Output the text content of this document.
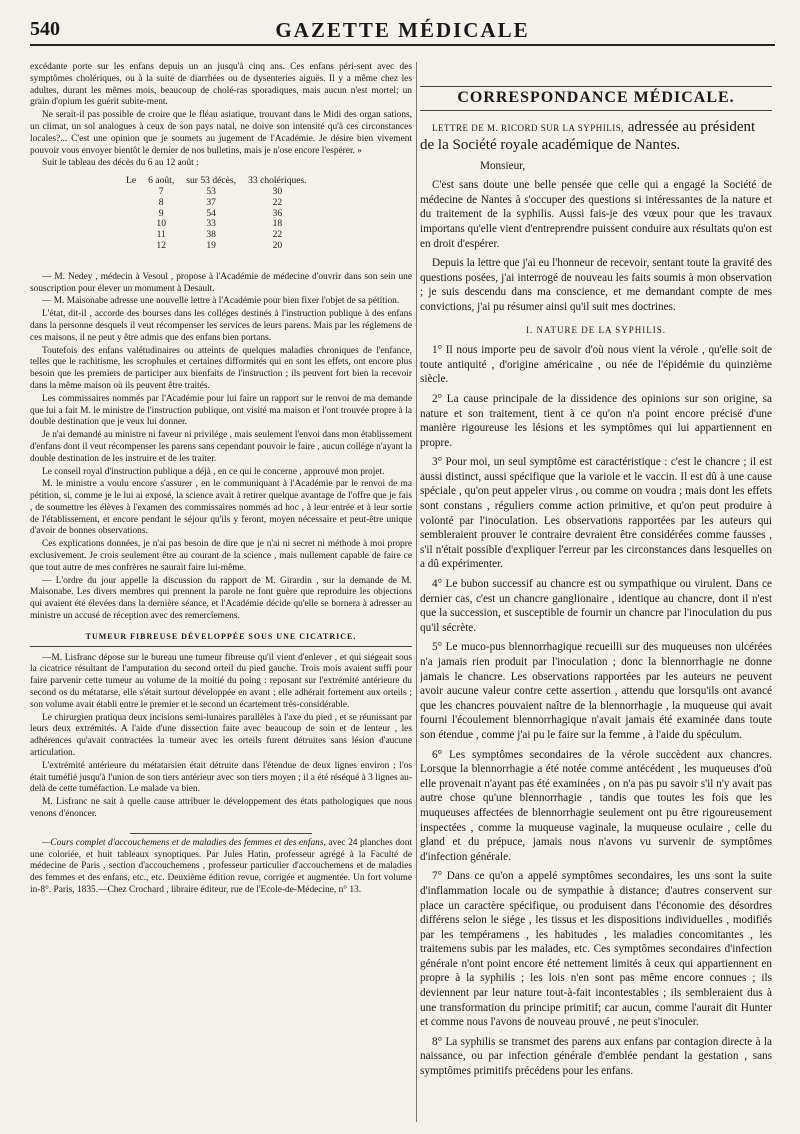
540	GAZETTE MÉDICALE

excédante porte sur les enfans depuis un an jusqu'à cinq ans. Ces enfans péri-sent avec des symptômes cholériques, ou à la suite de diarrhées ou de dysenteries aiguës. Il y a même chez les adultes, durant les mêmes mois, beaucoup de cholé-ras sporadiques, mais aucun n'est mortel; un grain d'opium les guérit subite-ment.

Ne serait-il pas possible de croire que le fléau asiatique, trouvant dans le Midi des organ sations, un climat, un sol analogues à ceux de son pays natal, ne doive son intensité qu'à ces circonstances locales?... C'est une opinion que je soumets au jugement de l'Académie. Je désire bien vivement pouvoir vous envoyer bientôt le dernier de nos bulletins, mais je n'ose encore l'espérer. »

Suit le tableau des décès du 6 au 12 août :

Le	6 août,	sur 53 décès,	33 cholériques.
	7	53	30
	8	37	22
	9	54	36
	10	33	18
	11	38	22
	12	19	20

— M. Nedey , médecin à Vesoul , propose à l'Académie de médecine d'ouvrir dans son sein une souscription pour élever un monument à Desault.

— M. Maisonabe adresse une nouvelle lettre à l'Académie pour bien fixer l'objet de sa pétition.

L'état, dit-il , accorde des bourses dans les colléges destinés à l'instruction publique à des enfans dans la personne desquels il veut récompenser les services de leurs parens. Mais par les réglemens de ces maisons, il ne peut y être admis que des enfans bien portans.

Toutefois des enfans valétudinaires ou atteints de quelques maladies chroniques de l'enfance, telles que le rachitisme, les scrophules et certaines difformités qui en sont les effets, ont encore plus besoin que les premiers de participer aux bienfaits de l'instruction ; ils peuvent fort bien la recevoir dans la même maison où ils peuvent être traités.

Les commissaires nommés par l'Académie pour lui faire un rapport sur le renvoi de ma demande que lui a fait M. le ministre de l'instruction publique, ont visité ma maison et l'ont trouvée propre à la double destination que je veux lui donner.

Je n'ai demandé au ministre ni faveur ni privilége , mais seulement l'envoi dans mon établissement d'enfans dont il veut récompenser les parens sans cependant pouvoir le faire , aucun collége n'ayant la double destination de les instruire et de les traiter.

Le conseil royal d'instruction publique a déjà , en ce qui le concerne , approuvé mon projet.

M. le ministre a voulu encore s'assurer , en le communiquant à l'Académie par le renvoi de ma pétition, si, comme je le lui ai exposé, la science avait à retirer quelque avantage de l'offre que je fais , de soumettre les élèves à l'examen des commissaires nommés ad hoc , à leur entrée et à leur sortie de l'établissement, et encore pendant le séjour qu'ils y feront, moyen nécessaire et peut-être unique d'avoir de bonnes observations.

Ces explications données, je n'ai pas besoin de dire que je n'ai ni secret ni méthode à moi propre exclusivement. Je crois seulement être au courant de la science , mais nullement capable de faire ce que tout autre de mes confrères ne saurait faire lui-même.

— L'ordre du jour appelle la discussion du rapport de M. Girardin , sur la demande de M. Maisonabe. Les divers membres qui prennent la parole ne font guère que reproduire les objections qui avaient été élevées dans la dernière séance, et l'Académie décide qu'elle se bornera à adresser au ministre un accusé de réception avec des remercîemens.

TUMEUR FIBREUSE DÉVELOPPÉE SOUS UNE CICATRICE.

—M. Lisfranc dépose sur le bureau une tumeur fibreuse qu'il vient d'enlever , et qui siégeait sous la cicatrice résultant de l'amputation du second orteil du pied gauche. Trois mois avaient suffi pour faire parvenir cette tumeur au volume de la moitié du poing : reposant sur l'extrémité antérieure du second os du métatarse, elle s'était surtout développée en avant ; elle adhérait fortement aux orteils ; son volume avait établi entre le premier et le second un écartement très-considérable.

Le chirurgien pratiqua deux incisions semi-lunaires parallèles à l'axe du pied , et se réunissant par leurs deux extrémités. A l'aide d'une dissection faite avec beaucoup de soin et de lenteur , les adhérences qu'avait contractées la tumeur avec les orteils furent détruites sans lésion d'aucune articulation.

L'extrémité antérieure du métatarsien était détruite dans l'étendue de deux lignes environ ; l'os était tuméfié jusqu'à l'union de son tiers antérieur avec son tiers moyen ; il a été réséqué à 3 lignes au-delà de cette tuméfaction. Le malade va bien.

M. Lisfranc ne sait à quelle cause attribuer le développement des états pathologiques que nous venons d'énoncer.

—Cours complet d'accouchemens et de maladies des femmes et des enfans, avec 24 planches dont une coloriée, et huit tableaux synoptiques. Par Jules Hatin, professeur agrégé à la Faculté de médecine de Paris , section d'accouchemens , professeur particulier d'accouchemens et de maladies des femmes et des enfans, etc., etc. Deuxième édition revue, corrigée et augmentée. Un fort volume in-8°. Paris, 1835.—Chez Crochard , libraire éditeur, rue de l'Ecole-de-Médecine, n° 13.

CORRESPONDANCE MÉDICALE.

LETTRE DE M. RICORD SUR LA SYPHILIS, adressée au président de la Société royale académique de Nantes.

Monsieur,

C'est sans doute une belle pensée que celle qui a engagé la Société de médecine de Nantes à s'occuper des questions si intéressantes de la nature et du traitement de la syphilis. Aussi fais-je des vœux pour que les travaux importans qu'elle vient d'entreprendre puissent conduire aux résultats qu'on est en droit d'espérer.

Depuis la lettre que j'ai eu l'honneur de recevoir, sentant toute la gravité des questions posées, j'ai interrogé de nouveau les faits soumis à mon observation ; je suis descendu dans ma conscience, et me demandant compte de mes convictions, j'ai pu résumer ainsi qu'il suit mes doctrines.

I. NATURE DE LA SYPHILIS.

1° Il nous importe peu de savoir d'où nous vient la vérole , qu'elle soit de toute antiquité , d'origine américaine , ou née de l'épidémie du quinzième siècle.

2° La cause principale de la dissidence des opinions sur son origine, sa nature et son traitement, tient à ce qu'on n'a point encore précisé d'une manière rigoureuse les lésions et les symptômes qui lui appartiennent en propre.

3° Pour moi, un seul symptôme est caractéristique : c'est le chancre ; il est aussi distinct, aussi spécifique que la variole et le vaccin. Il est dû à une cause spéciale , qu'on peut appeler virus , ou comme on voudra ; mais dont les effets sont constans , réguliers comme action primitive, et qu'on peut produire à volonté par l'inoculation. Les observations rapportées par les auteurs qui sembleraient prouver le contraire devraient être considérées comme fausses , s'il n'était possible d'expliquer l'erreur par les circonstances dans lesquelles on a dû expérimenter.

4° Le bubon successif au chancre est ou sympathique ou virulent. Dans ce dernier cas, c'est un chancre ganglionaire , identique au chancre, dont il n'est que la succession, et susceptible de fournir un chancre par l'inoculation du pus qu'il sécrète.

5° Le muco-pus blennorrhagique recueilli sur des muqueuses non ulcérées n'a jamais rien produit par l'inoculation ; donc la blennorrhagie ne donne jamais le chancre. Les observations rapportées par les auteurs ne peuvent avoir aucune valeur contre cette assertion , attendu que lorsqu'ils ont avancé que les chancres pouvaient naître de la blennorrhagie , la muqueuse qui avait fourni l'écoulement blennorrhagique n'avait jamais été examinée dans toute son étendue , comme j'ai pu le faire sur la femme , à l'aide du spéculum.

6° Les symptômes secondaires de la vérole succèdent aux chancres. Lorsque la blennorrhagie a été notée comme antécédent , les muqueuses d'où elle provenait n'ayant pas été examinées , on n'a pas pu savoir s'il n'y avait pas autre chose qu'une blennorrhagie , tandis que toutes les fois que les muqueuses affectées de blennorrhagie seulement ont pu être rigoureusement inspectées , comme la muqueuse vaginale, la muqueuse oculaire , celle du gland et du prépuce, jamais nous n'avons vu survenir de symptômes d'infection générale.

7° Dans ce qu'on a appelé symptômes secondaires, les uns sont la suite d'inflammation locale ou de sympathie à distance; d'autres conservent sur place un caractère spécifique, ou produisent dans l'économie des désordres différens selon le siége , les tissus et les dispositions individuelles , modifiés par les tempéramens , les habitudes , les maladies concomitantes , les traitemens subis par les malades, etc. Ces symptômes secondaires d'infection générale n'ont point encore été nettement limités à ceux qui appartiennent en propre à la syphilis ; les lois n'en sont pas même encore connues ; ils deviennent par leur nature tout-à-fait incontestables ; ils sembleraient dus à une transformation du principe primitif; car aucun, comme l'aurait dit Hunter et comme nous l'avons de nouveau prouvé , ne peut s'inoculer.

8° La syphilis se transmet des parens aux enfans par contagion directe à la naissance, ou par infection générale d'emblée pendant la gestation , sans symptômes primitifs précédens pour les enfans.
